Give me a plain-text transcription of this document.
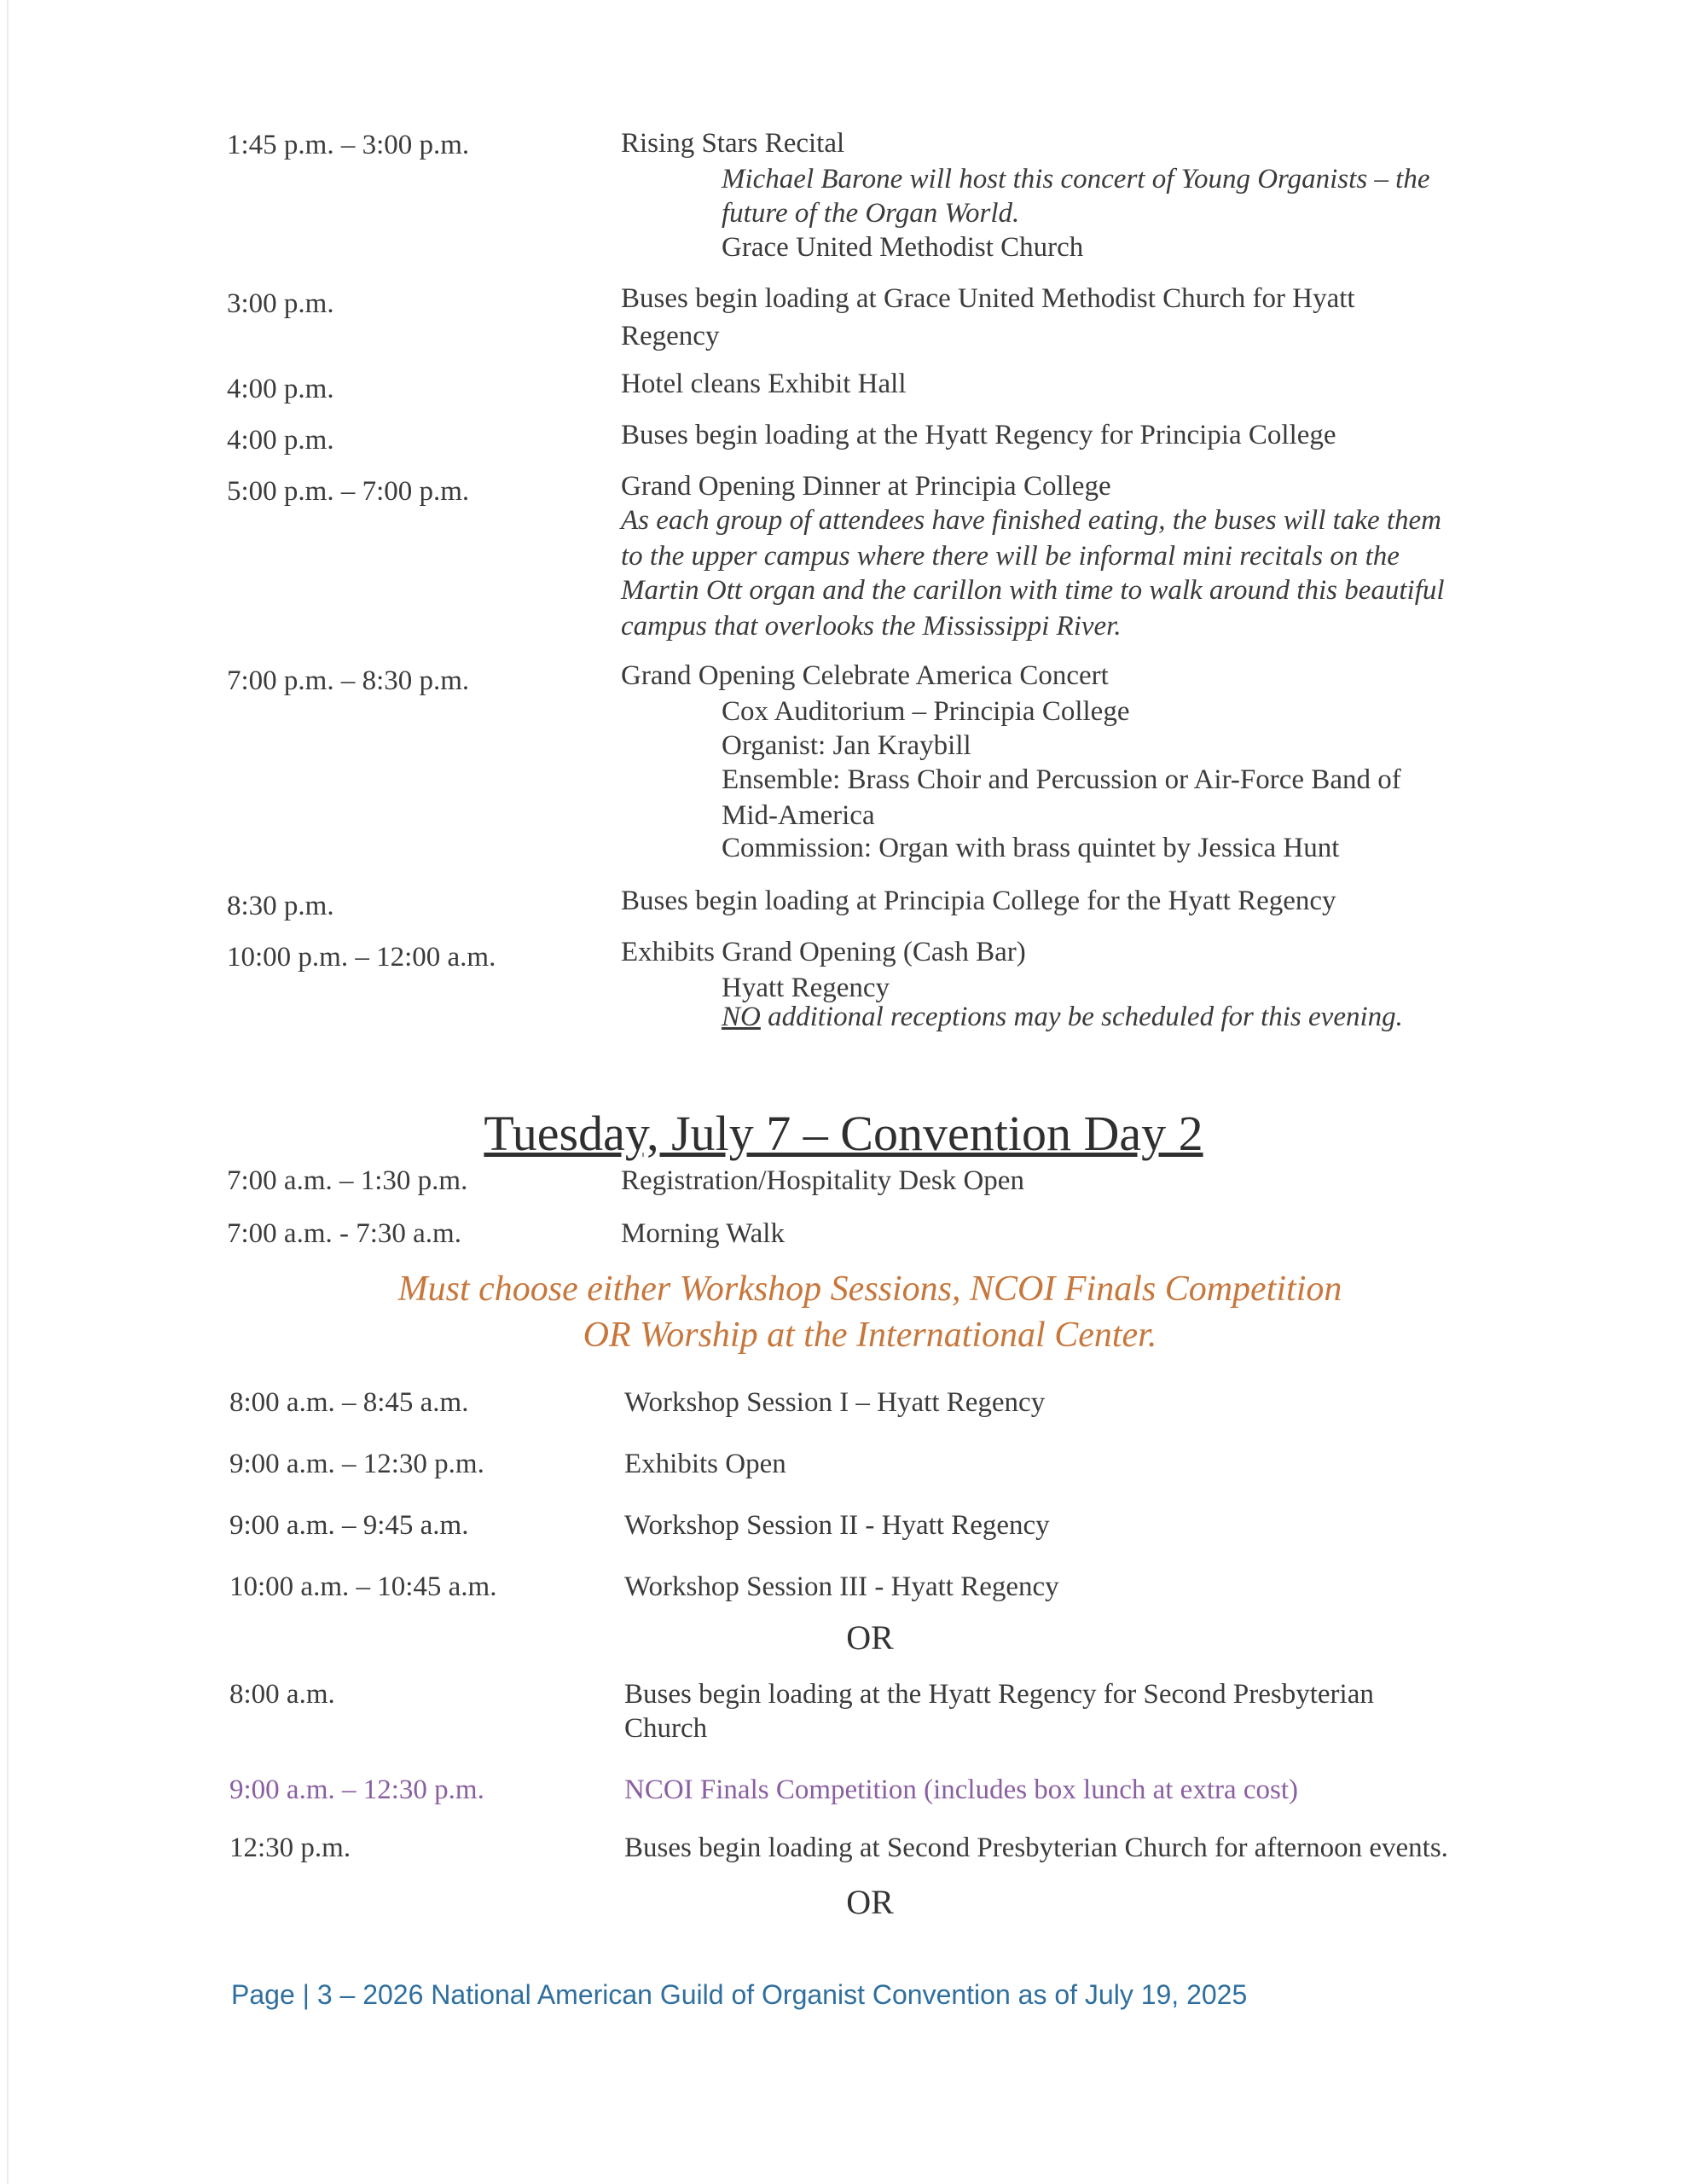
1:45 p.m. – 3:00 p.m.	Rising Stars Recital
Michael Barone will host this concert of Young Organists – the
future of the Organ World.
Grace United Methodist Church
3:00 p.m.	Buses begin loading at Grace United Methodist Church for Hyatt
Regency
4:00 p.m.	Hotel cleans Exhibit Hall
4:00 p.m.	Buses begin loading at the Hyatt Regency for Principia College
5:00 p.m. – 7:00 p.m.	Grand Opening Dinner at Principia College
As each group of attendees have finished eating, the buses will take them
to the upper campus where there will be informal mini recitals on the
Martin Ott organ and the carillon with time to walk around this beautiful
campus that overlooks the Mississippi River.
7:00 p.m. – 8:30 p.m.	Grand Opening Celebrate America Concert
Cox Auditorium – Principia College
Organist: Jan Kraybill
Ensemble: Brass Choir and Percussion or Air-Force Band of
Mid-America
Commission: Organ with brass quintet by Jessica Hunt
8:30 p.m.	Buses begin loading at Principia College for the Hyatt Regency
10:00 p.m. – 12:00 a.m.	Exhibits Grand Opening (Cash Bar)
Hyatt Regency
NO additional receptions may be scheduled for this evening.
Tuesday, July 7 – Convention Day 2
7:00 a.m. – 1:30 p.m.	Registration/Hospitality Desk Open
7:00 a.m. - 7:30 a.m.	Morning Walk
Must choose either Workshop Sessions, NCOI Finals Competition
OR Worship at the International Center.
8:00 a.m. – 8:45 a.m.	Workshop Session I – Hyatt Regency
9:00 a.m. – 12:30 p.m.	Exhibits Open
9:00 a.m. – 9:45 a.m.	Workshop Session II - Hyatt Regency
10:00 a.m. – 10:45 a.m.	Workshop Session III - Hyatt Regency
OR
8:00 a.m.	Buses begin loading at the Hyatt Regency for Second Presbyterian
Church
9:00 a.m. – 12:30 p.m.	NCOI Finals Competition (includes box lunch at extra cost)
12:30 p.m.	Buses begin loading at Second Presbyterian Church for afternoon events.
OR
Page | 3 – 2026 National American Guild of Organist Convention as of July 19, 2025
